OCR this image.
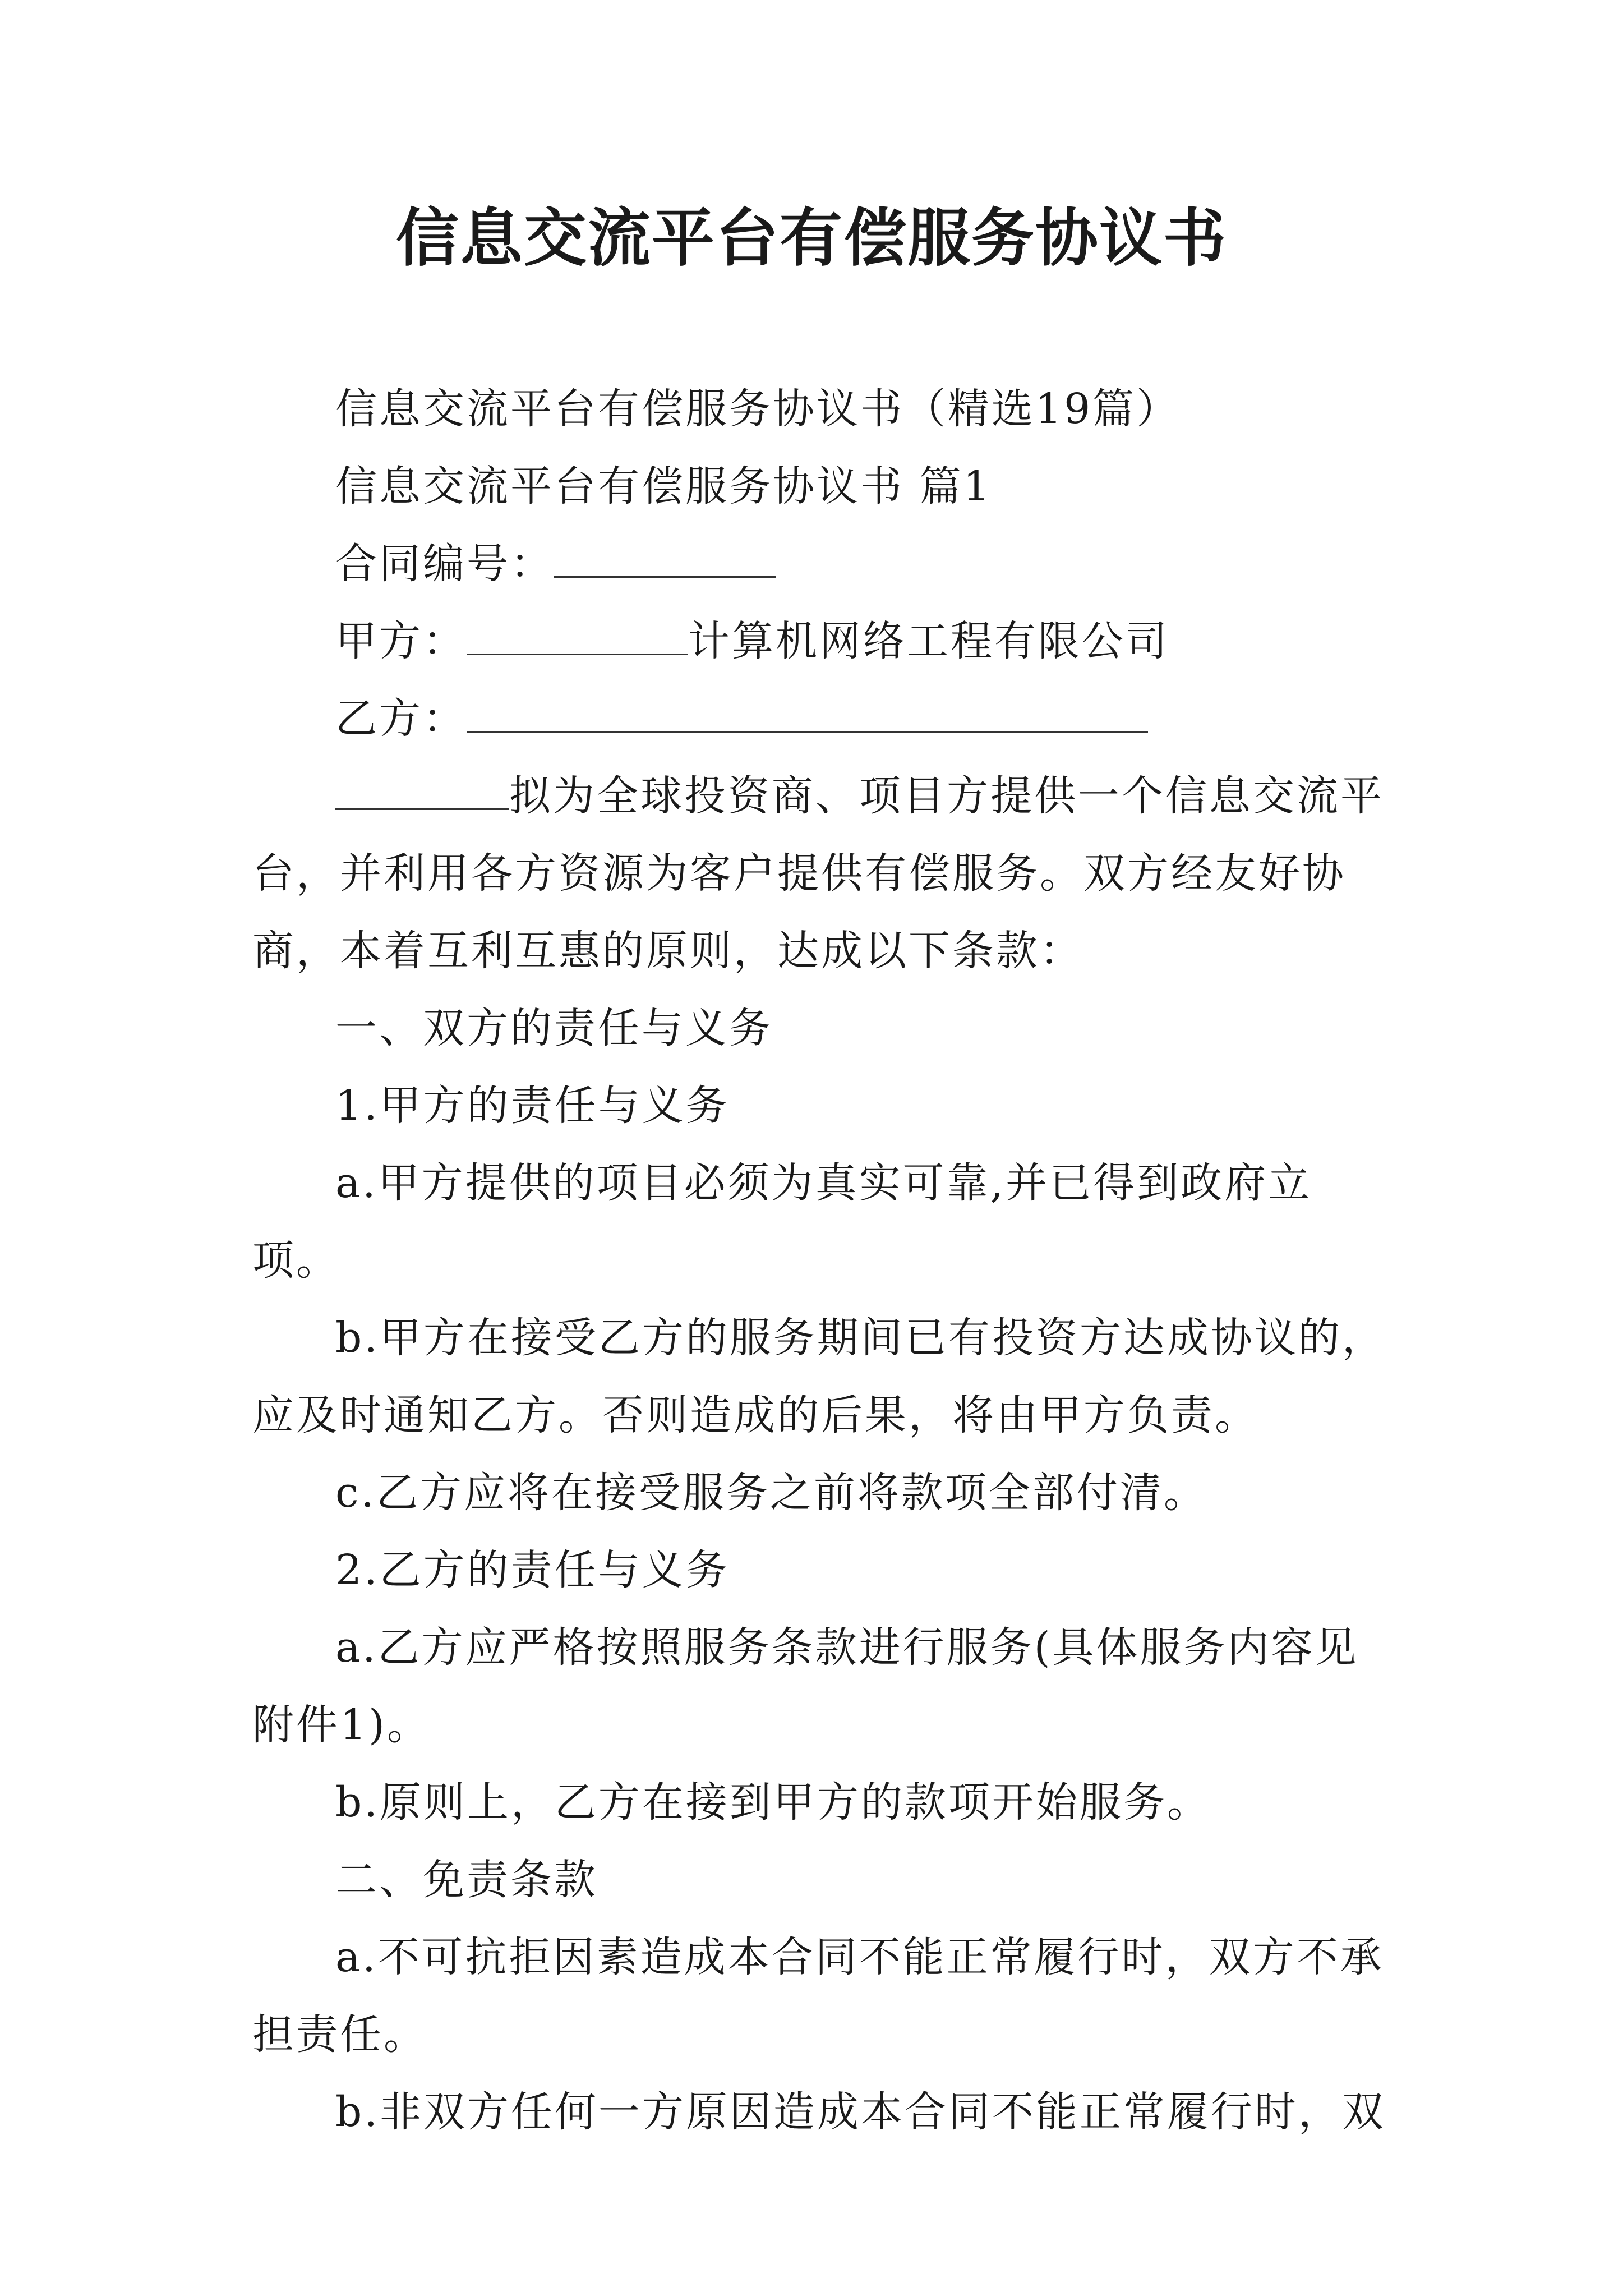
信息交流平台有偿服务协议书

信息交流平台有偿服务协议书（精选19篇）

信息交流平台有偿服务协议书 篇1

合同编号：

甲方：	计算机网络工程有限公司

乙方：

拟为全球投资商、项目方提供一个信息交流平台，并利用各方资源为客户提供有偿服务。双方经友好协商，本着互利互惠的原则，达成以下条款：

一、双方的责任与义务

1.甲方的责任与义务

a.甲方提供的项目必须为真实可靠,并已得到政府立项。

b.甲方在接受乙方的服务期间已有投资方达成协议的，应及时通知乙方。否则造成的后果，将由甲方负责。

c.乙方应将在接受服务之前将款项全部付清。

2.乙方的责任与义务

a.乙方应严格按照服务条款进行服务(具体服务内容见附件1)。

b.原则上，乙方在接到甲方的款项开始服务。

二、免责条款

a.不可抗拒因素造成本合同不能正常履行时，双方不承担责任。

b.非双方任何一方原因造成本合同不能正常履行时，双
